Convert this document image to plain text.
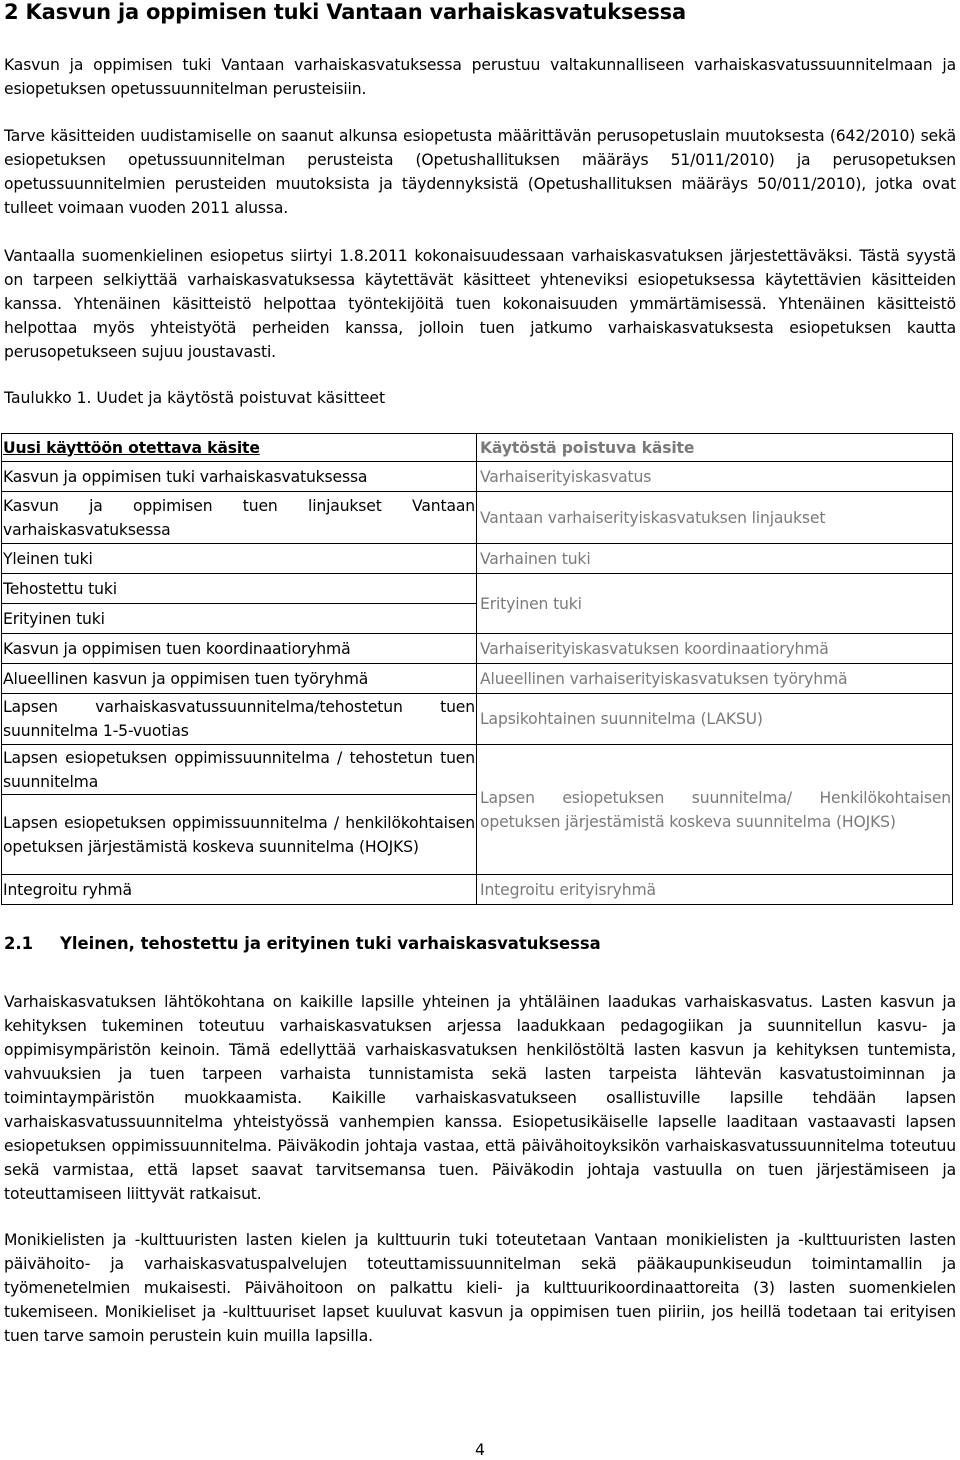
2 Kasvun ja oppimisen tuki Vantaan varhaiskasvatuksessa

Kasvun ja oppimisen tuki Vantaan varhaiskasvatuksessa perustuu valtakunnalliseen varhaiskasvatussuunnitelmaan ja esiopetuksen opetussuunnitelman perusteisiin.

Tarve käsitteiden uudistamiselle on saanut alkunsa esiopetusta määrittävän perusopetuslain muutoksesta (642/2010) sekä esiopetuksen opetussuunnitelman perusteista (Opetushallituksen määräys 51/011/2010) ja perusopetuksen opetussuunnitelmien perusteiden muutoksista ja täydennyksistä (Opetushallituksen määräys 50/011/2010), jotka ovat tulleet voimaan vuoden 2011 alussa.

Vantaalla suomenkielinen esiopetus siirtyi 1.8.2011 kokonaisuudessaan varhaiskasvatuksen järjestettäväksi. Tästä syystä on tarpeen selkiyttää varhaiskasvatuksessa käytettävät käsitteet yhteneviksi esiopetuksessa käytettävien käsitteiden kanssa. Yhtenäinen käsitteistö helpottaa työntekijöitä tuen kokonaisuuden ymmärtämisessä. Yhtenäinen käsitteistö helpottaa myös yhteistyötä perheiden kanssa, jolloin tuen jatkumo varhaiskasvatuksesta esiopetuksen kautta perusopetukseen sujuu joustavasti.

Taulukko 1. Uudet ja käytöstä poistuvat käsitteet

Uusi käyttöön otettava käsite	Käytöstä poistuva käsite
Kasvun ja oppimisen tuki varhaiskasvatuksessa	Varhaiserityiskasvatus
Kasvun ja oppimisen tuen linjaukset Vantaan varhaiskasvatuksessa	Vantaan varhaiserityiskasvatuksen linjaukset
Yleinen tuki	Varhainen tuki
Tehostettu tuki	Erityinen tuki
Erityinen tuki	
Kasvun ja oppimisen tuen koordinaatioryhmä	Varhaiserityiskasvatuksen koordinaatioryhmä
Alueellinen kasvun ja oppimisen tuen työryhmä	Alueellinen varhaiserityiskasvatuksen työryhmä
Lapsen varhaiskasvatussuunnitelma/tehostetun tuen suunnitelma 1-5-vuotias	Lapsikohtainen suunnitelma (LAKSU)
Lapsen esiopetuksen oppimissuunnitelma / tehostetun tuen suunnitelma	Lapsen esiopetuksen suunnitelma/ Henkilökohtaisen opetuksen järjestämistä koskeva suunnitelma (HOJKS)
Lapsen esiopetuksen oppimissuunnitelma / henkilökohtaisen opetuksen järjestämistä koskeva suunnitelma (HOJKS)	
Integroitu ryhmä	Integroitu erityisryhmä
2.1 Yleinen, tehostettu ja erityinen tuki varhaiskasvatuksessa

Varhaiskasvatuksen lähtökohtana on kaikille lapsille yhteinen ja yhtäläinen laadukas varhaiskasvatus. Lasten kasvun ja kehityksen tukeminen toteutuu varhaiskasvatuksen arjessa laadukkaan pedagogiikan ja suunnitellun kasvu- ja oppimisympäristön keinoin. Tämä edellyttää varhaiskasvatuksen henkilöstöltä lasten kasvun ja kehityksen tuntemista, vahvuuksien ja tuen tarpeen varhaista tunnistamista sekä lasten tarpeista lähtevän kasvatustoiminnan ja toimintaympäristön muokkaamista. Kaikille varhaiskasvatukseen osallistuville lapsille tehdään lapsen varhaiskasvatussuunnitelma yhteistyössä vanhempien kanssa. Esiopetusikäiselle lapselle laaditaan vastaavasti lapsen esiopetuksen oppimissuunnitelma. Päiväkodin johtaja vastaa, että päivähoitoyksikön varhaiskasvatussuunnitelma toteutuu sekä varmistaa, että lapset saavat tarvitsemansa tuen. Päiväkodin johtaja vastuulla on tuen järjestämiseen ja toteuttamiseen liittyvät ratkaisut.

Monikielisten ja -kulttuuristen lasten kielen ja kulttuurin tuki toteutetaan Vantaan monikielisten ja -kulttuuristen lasten päivähoito- ja varhaiskasvatuspalvelujen toteuttamissuunnitelman sekä pääkaupunkiseudun toimintamallin ja työmenetelmien mukaisesti. Päivähoitoon on palkattu kieli- ja kulttuurikoordinaattoreita (3) lasten suomenkielen tukemiseen. Monikieliset ja -kulttuuriset lapset kuuluvat kasvun ja oppimisen tuen piiriin, jos heillä todetaan tai erityisen tuen tarve samoin perustein kuin muilla lapsilla.

4
